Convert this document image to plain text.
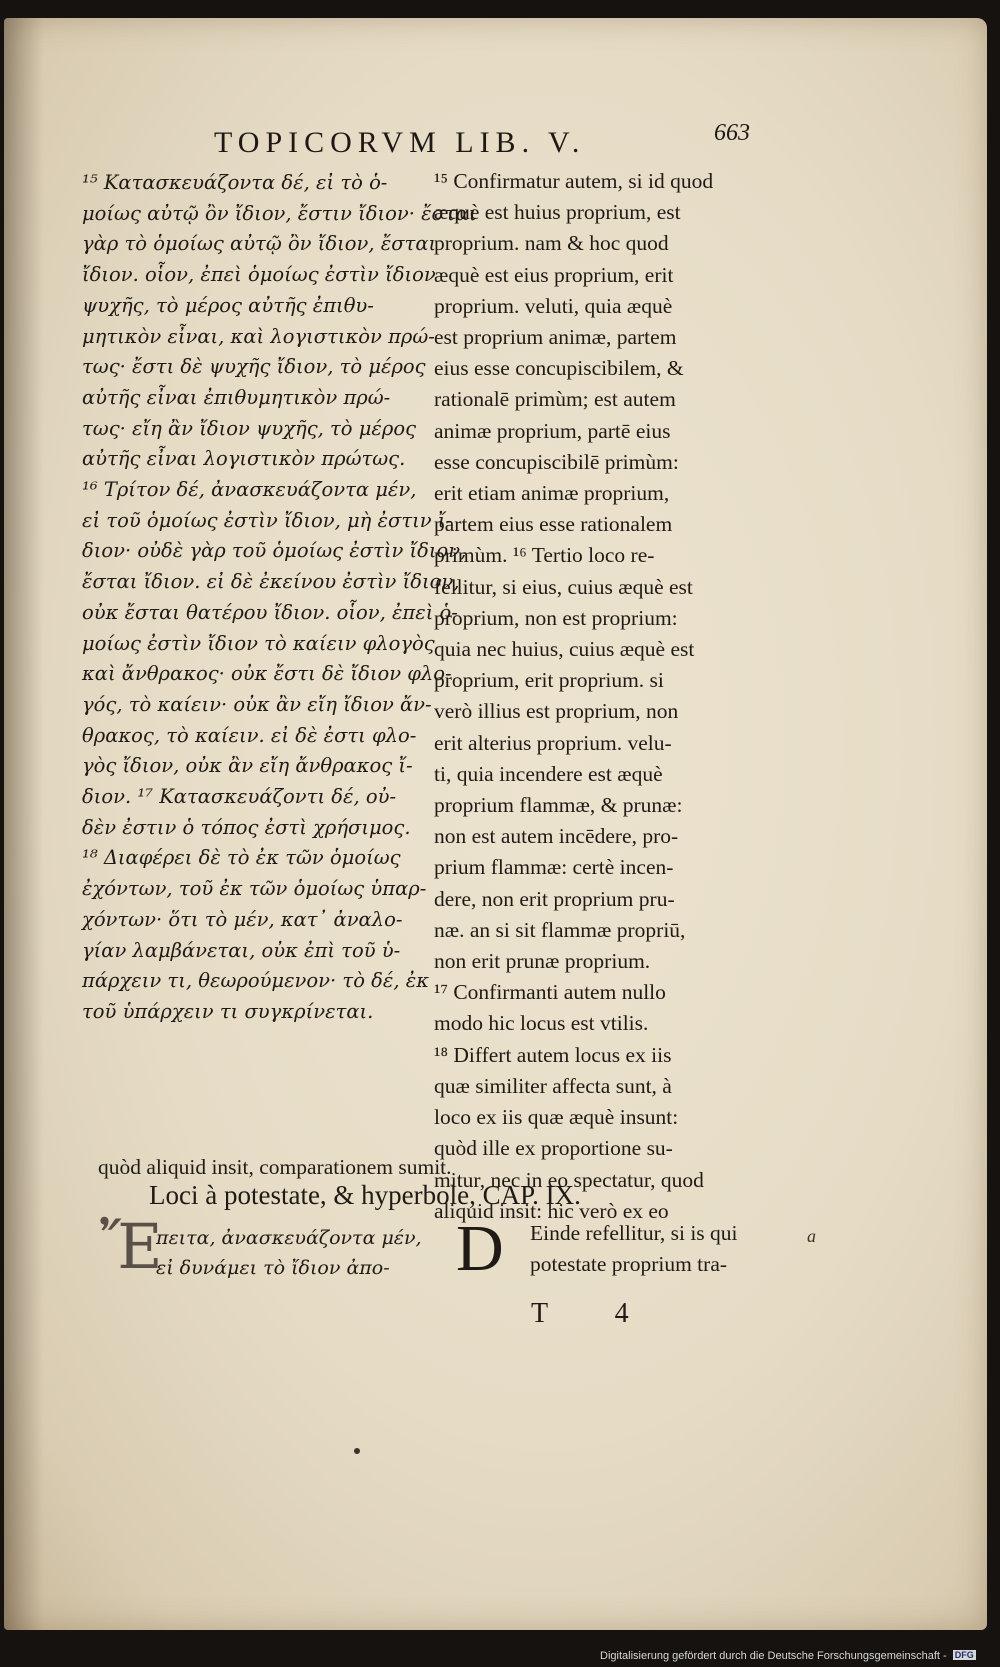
TOPICORVM LIB. V.	663
¹⁵ Κατασκευάζοντα δέ, εἰ τὸ ὁ-
μοίως αὐτῷ ὂν ἴδιον, ἔστιν ἴδιον· ἔσται
γὰρ τὸ ὁμοίως αὐτῷ ὂν ἴδιον, ἔσται
ἴδιον. οἷον, ἐπεὶ ὁμοίως ἐστὶν ἴδιον
ψυχῆς, τὸ μέρος αὐτῆς ἐπιθυ-
μητικὸν εἶναι, καὶ λογιστικὸν πρώ-
τως· ἔστι δὲ ψυχῆς ἴδιον, τὸ μέρος
αὐτῆς εἶναι ἐπιθυμητικὸν πρώ-
τως· εἴη ἂν ἴδιον ψυχῆς, τὸ μέρος
αὐτῆς εἶναι λογιστικὸν πρώτως.
¹⁶ Τρίτον δέ, ἀνασκευάζοντα μέν,
εἰ τοῦ ὁμοίως ἐστὶν ἴδιον, μὴ ἐστιν ἴ-
διον· οὐδὲ γὰρ τοῦ ὁμοίως ἐστὶν ἴδιον,
ἔσται ἴδιον. εἰ δὲ ἐκείνου ἐστὶν ἴδιον,
οὐκ ἔσται θατέρου ἴδιον. οἷον, ἐπεὶ ὁ-
μοίως ἐστὶν ἴδιον τὸ καίειν φλογὸς
καὶ ἄνθρακος· οὐκ ἔστι δὲ ἴδιον φλο-
γός, τὸ καίειν· οὐκ ἂν εἴη ἴδιον ἄν-
θρακος, τὸ καίειν. εἰ δὲ ἐστι φλο-
γὸς ἴδιον, οὐκ ἂν εἴη ἄνθρακος ἴ-
διον. ¹⁷ Κατασκευάζοντι δέ, οὐ-
δὲν ἐστιν ὁ τόπος ἐστὶ χρήσιμος.
¹⁸ Διαφέρει δὲ τὸ ἐκ τῶν ὁμοίως
ἐχόντων, τοῦ ἐκ τῶν ὁμοίως ὑπαρ-
χόντων· ὅτι τὸ μέν, κατ᾽ ἀναλο-
γίαν λαμβάνεται, οὐκ ἐπὶ τοῦ ὑ-
πάρχειν τι, θεωρούμενον· τὸ δέ, ἐκ
τοῦ ὑπάρχειν τι συγκρίνεται.
¹⁵ Confirmatur autem, si id quod
æquè est huius proprium, est
proprium. nam & hoc quod
æquè est eius proprium, erit
proprium. veluti, quia æquè
est proprium animæ, partem
eius esse concupiscibilem, &
rationalē primùm; est autem
animæ proprium, partē eius
esse concupiscibilē primùm:
erit etiam animæ proprium,
partem eius esse rationalem
primùm. ¹⁶ Tertio loco re-
fellitur, si eius, cuius æquè est
proprium, non est proprium:
quia nec huius, cuius æquè est
proprium, erit proprium. si
verò illius est proprium, non
erit alterius proprium. velu-
ti, quia incendere est æquè
proprium flammæ, & prunæ:
non est autem incēdere, pro-
prium flammæ: certè incen-
dere, non erit proprium pru-
næ. an si sit flammæ propriū,
non erit prunæ proprium.
¹⁷ Confirmanti autem nullo
modo hic locus est vtilis.
¹⁸ Differt autem locus ex iis
quæ similiter affecta sunt, à
loco ex iis quæ æquè insunt:
quòd ille ex proportione su-
mitur, nec in eo spectatur, quod
aliquid insit: hic verò ex eo
quòd aliquid insit, comparationem sumit.
Loci à potestate, & hyperbole, CAP. IX.
Ἔ
πειτα, ἀνασκευάζοντα μέν,
εἰ δυνάμει τὸ ἴδιον ἀπο-	D Einde refellitur, si is qui
potestate proprium tra-
a
T 4
Digitalisierung gefördert durch die Deutsche Forschungsgemeinschaft - DFG
